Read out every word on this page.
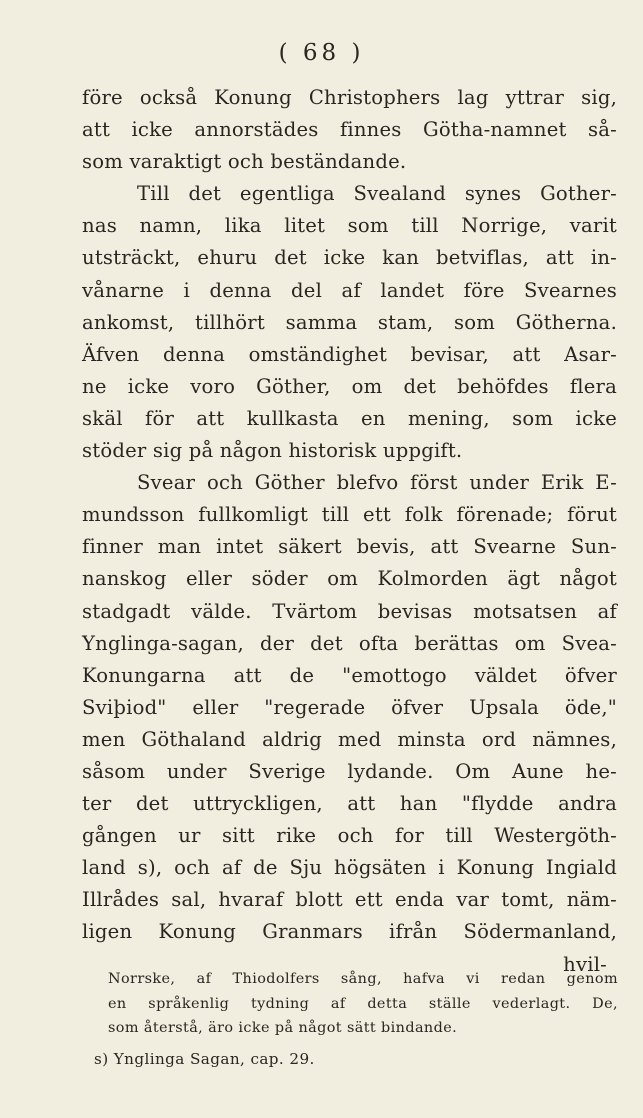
( 68 )
före också Konung Christophers lag yttrar sig,
att icke annorstädes finnes Götha-namnet så-
som varaktigt och beständande.
Till det egentliga Svealand synes Gother-
nas namn, lika litet som till Norrige, varit
utsträckt, ehuru det icke kan betviflas, att in-
vånarne i denna del af landet före Svearnes
ankomst, tillhört samma stam, som Götherna.
Äfven denna omständighet bevisar, att Asar-
ne icke voro Göther, om det behöfdes flera
skäl för att kullkasta en mening, som icke
stöder sig på någon historisk uppgift.
Svear och Göther blefvo först under Erik E-
mundsson fullkomligt till ett folk förenade; förut
finner man intet säkert bevis, att Svearne Sun-
nanskog eller söder om Kolmorden ägt något
stadgadt välde. Tvärtom bevisas motsatsen af
Ynglinga-sagan, der det ofta berättas om Svea-
Konungarna att de "emottogo väldet öfver
Sviþiod" eller "regerade öfver Upsala öde,"
men Göthaland aldrig med minsta ord nämnes,
såsom under Sverige lydande. Om Aune he-
ter det uttryckligen, att han "flydde andra
gången ur sitt rike och for till Westergöth-
land s), och af de Sju högsäten i Konung Ingiald
Illrådes sal, hvaraf blott ett enda var tomt, näm-
ligen Konung Granmars ifrån Södermanland,
hvil-
Norrske, af Thiodolfers sång, hafva vi redan genom
en språkenlig tydning af detta ställe vederlagt. De,
som återstå, äro icke på något sätt bindande.
s) Ynglinga Sagan, cap. 29.
